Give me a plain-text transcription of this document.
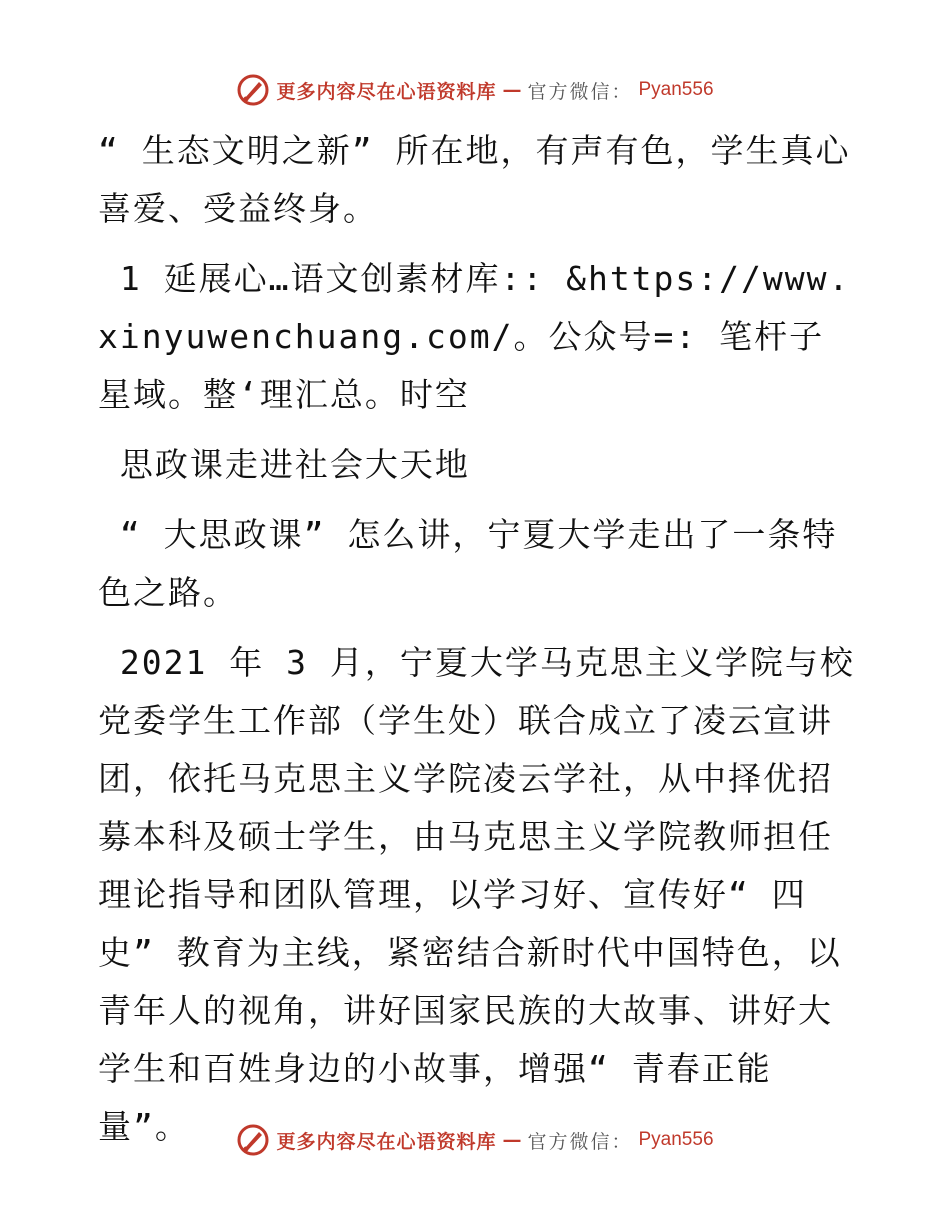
更多内容尽在心语资料库 — 官方微信： Pyan556

“ 生态文明之新” 所在地，有声有色，学生真心喜爱、受益终身。

1 延展心…语文创素材库:: &https://www.xinyuwenchuang.com/。公众号=: 笔杆子星域。整‘理汇总。时空

思政课走进社会大天地

“ 大思政课” 怎么讲，宁夏大学走出了一条特色之路。

2021 年 3 月，宁夏大学马克思主义学院与校党委学生工作部（学生处）联合成立了凌云宣讲团，依托马克思主义学院凌云学社，从中择优招募本科及硕士学生，由马克思主义学院教师担任理论指导和团队管理，以学习好、宣传好“ 四史” 教育为主线，紧密结合新时代中国特色，以青年人的视角，讲好国家民族的大故事、讲好大学生和百姓身边的小故事，增强“ 青春正能量”。	更多内容尽在心语资料库 — 官方微信： Pyan556
